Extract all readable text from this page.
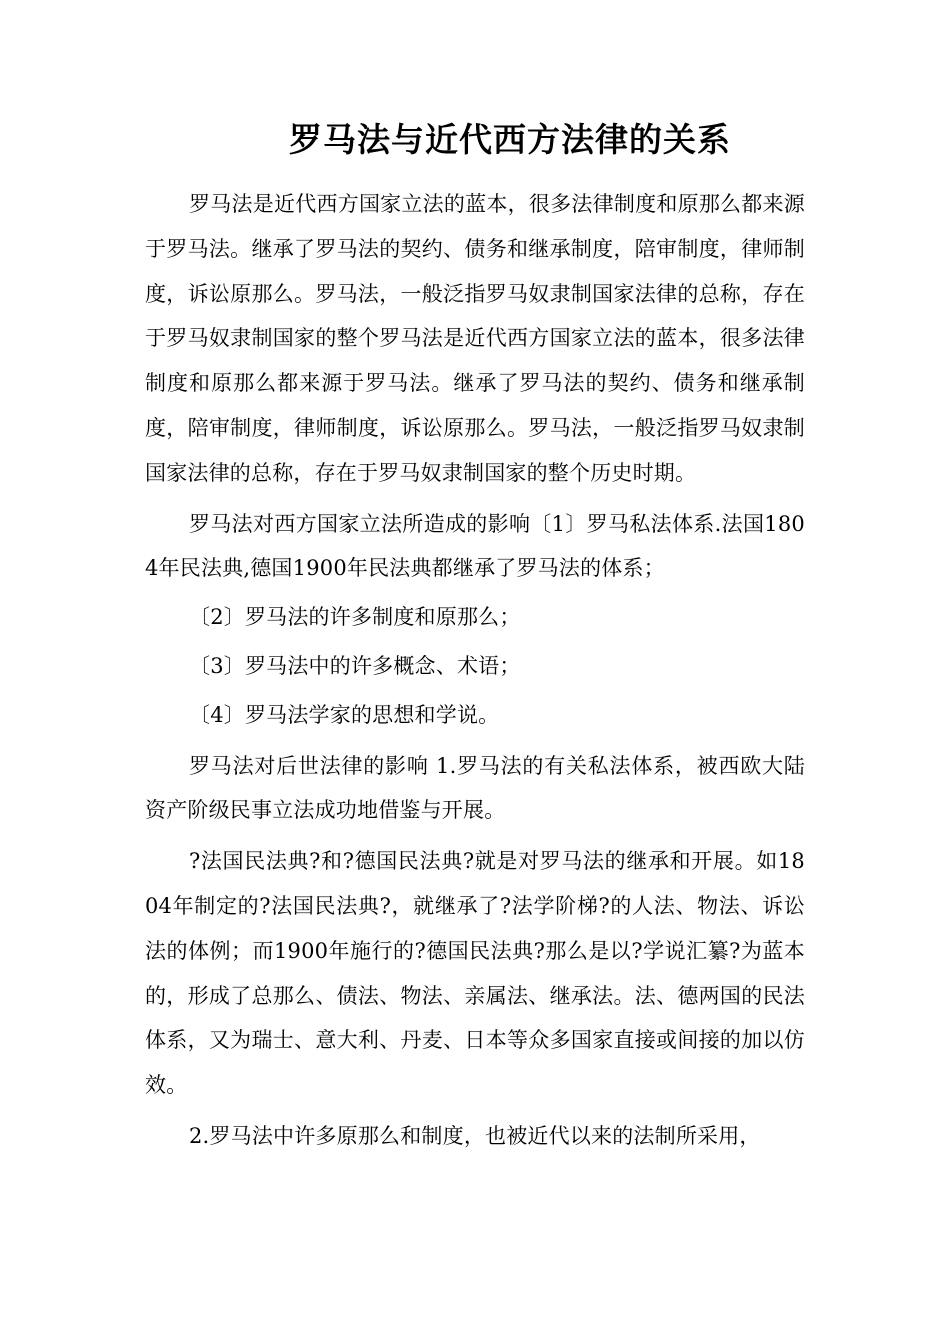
罗马法与近代西方法律的关系

罗马法是近代西方国家立法的蓝本，很多法律制度和原那么都来源于罗马法。继承了罗马法的契约、债务和继承制度，陪审制度，律师制度，诉讼原那么。罗马法，一般泛指罗马奴隶制国家法律的总称，存在于罗马奴隶制国家的整个罗马法是近代西方国家立法的蓝本，很多法律制度和原那么都来源于罗马法。继承了罗马法的契约、债务和继承制度，陪审制度，律师制度，诉讼原那么。罗马法，一般泛指罗马奴隶制国家法律的总称，存在于罗马奴隶制国家的整个历史时期。

罗马法对西方国家立法所造成的影响〔1〕罗马私法体系.法国1804年民法典,德国1900年民法典都继承了罗马法的体系；

〔2〕罗马法的许多制度和原那么；

〔3〕罗马法中的许多概念、术语；

〔4〕罗马法学家的思想和学说。

罗马法对后世法律的影响 1.罗马法的有关私法体系，被西欧大陆资产阶级民事立法成功地借鉴与开展。

?法国民法典?和?德国民法典?就是对罗马法的继承和开展。如1804年制定的?法国民法典?，就继承了?法学阶梯?的人法、物法、诉讼法的体例；而1900年施行的?德国民法典?那么是以?学说汇纂?为蓝本的，形成了总那么、债法、物法、亲属法、继承法。法、德两国的民法体系，又为瑞士、意大利、丹麦、日本等众多国家直接或间接的加以仿效。

2.罗马法中许多原那么和制度，也被近代以来的法制所采用，
